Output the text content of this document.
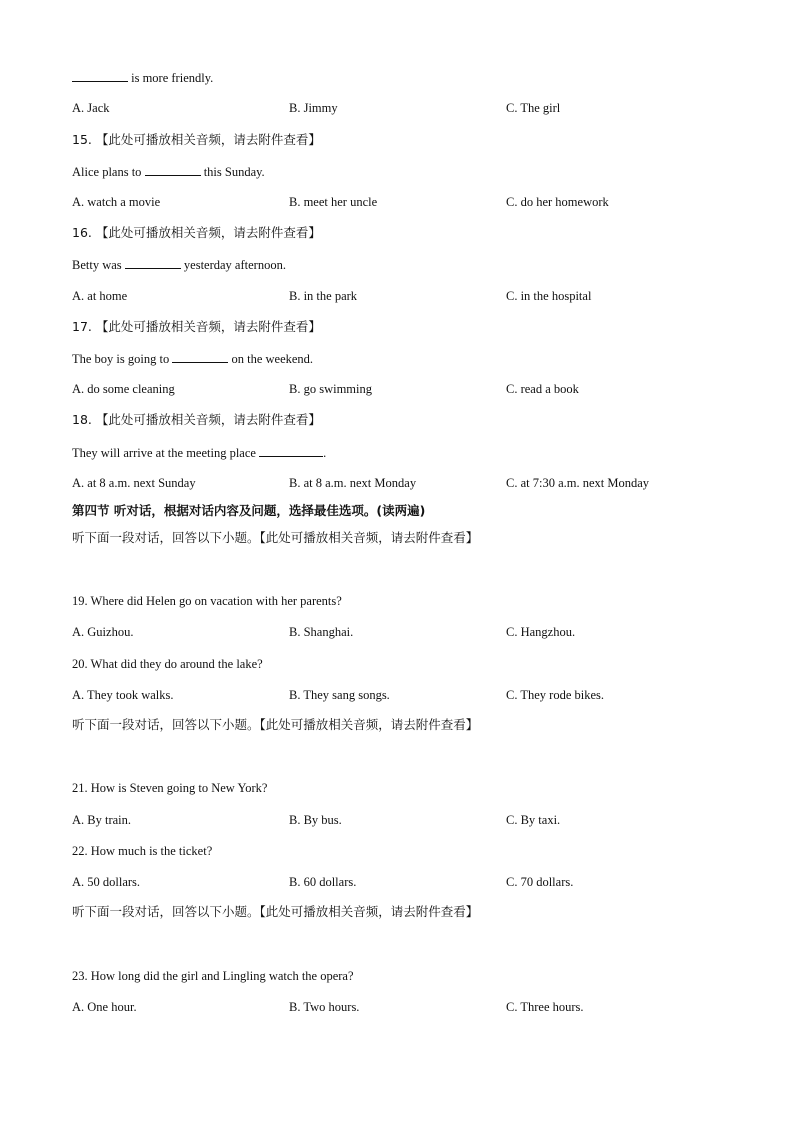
is more friendly.
A. Jack	B. Jimmy	C. The girl
15. 【此处可播放相关音频，请去附件查看】
Alice plans to	this Sunday.
A. watch a movie	B. meet her uncle	C. do her homework
16. 【此处可播放相关音频，请去附件查看】
Betty was	yesterday afternoon.
A. at home	B. in the park	C. in the hospital
17. 【此处可播放相关音频，请去附件查看】
The boy is going to	on the weekend.
A. do some cleaning	B. go swimming	C. read a book
18. 【此处可播放相关音频，请去附件查看】
They will arrive at the meeting place	.
A. at 8 a.m. next Sunday	B. at 8 a.m. next Monday	C. at 7:30 a.m. next Monday
第四节 听对话，根据对话内容及问题，选择最佳选项。(读两遍)
听下面一段对话，回答以下小题。【此处可播放相关音频，请去附件查看】
19. Where did Helen go on vacation with her parents?
A. Guizhou.	B. Shanghai.	C. Hangzhou.
20. What did they do around the lake?
A. They took walks.	B. They sang songs.	C. They rode bikes.
听下面一段对话，回答以下小题。【此处可播放相关音频，请去附件查看】
21. How is Steven going to New York?
A. By train.	B. By bus.	C. By taxi.
22. How much is the ticket?
A. 50 dollars.	B. 60 dollars.	C. 70 dollars.
听下面一段对话，回答以下小题。【此处可播放相关音频，请去附件查看】
23. How long did the girl and Lingling watch the opera?
A. One hour.	B. Two hours.	C. Three hours.
